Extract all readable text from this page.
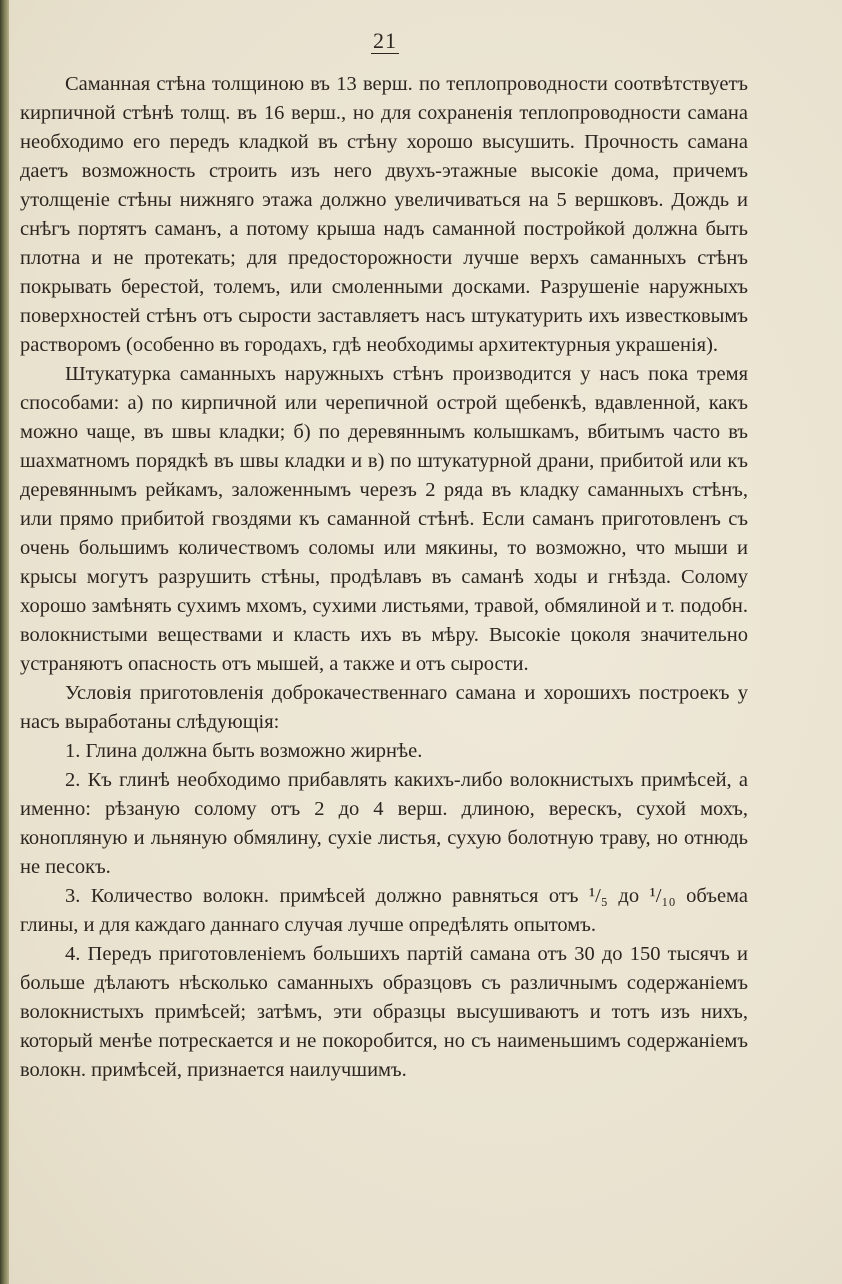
21

Саманная стѣна толщиною въ 13 верш. по теплопроводности соотвѣтствуетъ кирпичной стѣнѣ толщ. въ 16 верш., но для сохраненія теплопроводности самана необходимо его передъ кладкой въ стѣну хорошо высушить. Прочность самана даетъ возможность строить изъ него двухъ-этажные высокіе дома, причемъ утолщеніе стѣны нижняго этажа должно увеличиваться на 5 вершковъ. Дождь и снѣгъ портятъ саманъ, а потому крыша надъ саманной постройкой должна быть плотна и не протекать; для предосторожности лучше верхъ саманныхъ стѣнъ покрывать берестой, толемъ, или смоленными досками. Разрушеніе наружныхъ поверхностей стѣнъ отъ сырости заставляетъ насъ штукатурить ихъ известковымъ растворомъ (особенно въ городахъ, гдѣ необходимы архитектурныя украшенія).

Штукатурка саманныхъ наружныхъ стѣнъ производится у насъ пока тремя способами: а) по кирпичной или черепичной острой щебенкѣ, вдавленной, какъ можно чаще, въ швы кладки; б) по деревяннымъ колышкамъ, вбитымъ часто въ шахматномъ порядкѣ въ швы кладки и в) по штукатурной драни, прибитой или къ деревяннымъ рейкамъ, заложеннымъ черезъ 2 ряда въ кладку саманныхъ стѣнъ, или прямо прибитой гвоздями къ саманной стѣнѣ. Если саманъ приготовленъ съ очень большимъ количествомъ соломы или мякины, то возможно, что мыши и крысы могутъ разрушить стѣны, продѣлавъ въ саманѣ ходы и гнѣзда. Солому хорошо замѣнять сухимъ мхомъ, сухими листьями, травой, обмялиной и т. подобн. волокнистыми веществами и класть ихъ въ мѣру. Высокіе цоколя значительно устраняютъ опасность отъ мышей, а также и отъ сырости.

Условія приготовленія доброкачественнаго самана и хорошихъ построекъ у насъ выработаны слѣдующія:

1. Глина должна быть возможно жирнѣе.

2. Къ глинѣ необходимо прибавлять какихъ-либо волокнистыхъ примѣсей, а именно: рѣзаную солому отъ 2 до 4 верш. длиною, верескъ, сухой мохъ, конопляную и льняную обмялину, сухіе листья, сухую болотную траву, но отнюдь не песокъ.

3. Количество волокн. примѣсей должно равняться отъ ¹/₅ до ¹/₁₀ объема глины, и для каждаго даннаго случая лучше опредѣлять опытомъ.

4. Передъ приготовленіемъ большихъ партій самана отъ 30 до 150 тысячъ и больше дѣлаютъ нѣсколько саманныхъ образцовъ съ различнымъ содержаніемъ волокнистыхъ примѣсей; затѣмъ, эти образцы высушиваютъ и тотъ изъ нихъ, который менѣе потрескается и не покоробится, но съ наименьшимъ содержаніемъ волокн. примѣсей, признается наилучшимъ.
